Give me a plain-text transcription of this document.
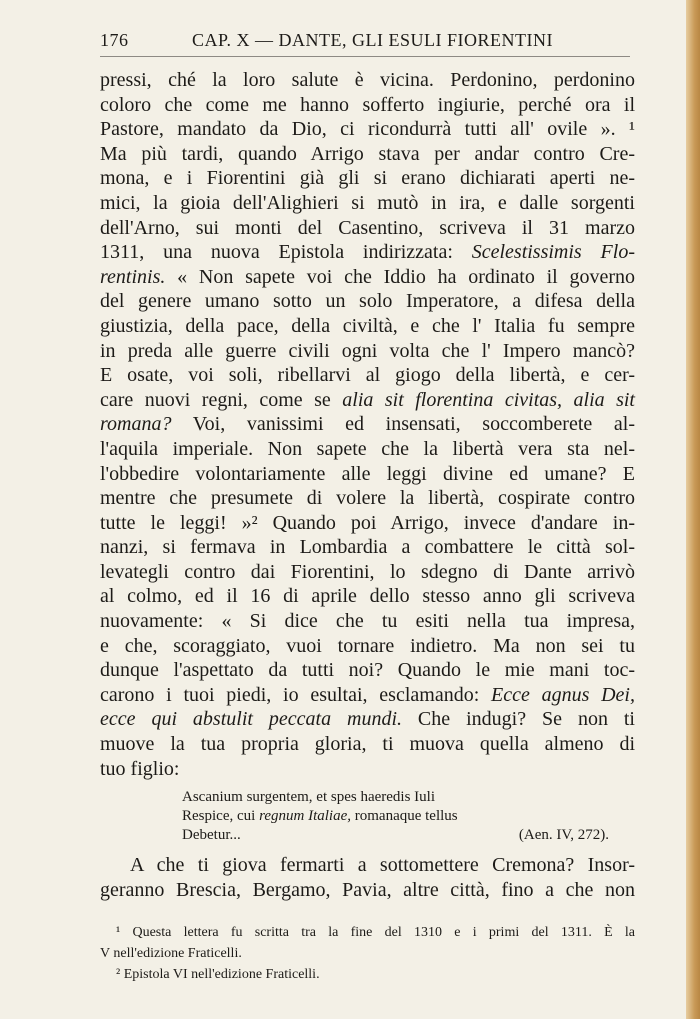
176	CAP. X — DANTE, GLI ESULI FIORENTINI
pressi, ché la loro salute è vicina. Perdonino, perdonino
coloro che come me hanno sofferto ingiurie, perché ora il
Pastore, mandato da Dio, ci ricondurrà tutti all' ovile ». ¹
Ma più tardi, quando Arrigo stava per andar contro Cre-
mona, e i Fiorentini già gli si erano dichiarati aperti ne-
mici, la gioia dell'Alighieri si mutò in ira, e dalle sorgenti
dell'Arno, sui monti del Casentino, scriveva il 31 marzo
1311, una nuova Epistola indirizzata: Scelestissimis Flo-
rentinis. « Non sapete voi che Iddio ha ordinato il governo
del genere umano sotto un solo Imperatore, a difesa della
giustizia, della pace, della civiltà, e che l' Italia fu sempre
in preda alle guerre civili ogni volta che l' Impero mancò?
E osate, voi soli, ribellarvi al giogo della libertà, e cer-
care nuovi regni, come se alia sit florentina civitas, alia sit
romana? Voi, vanissimi ed insensati, soccomberete al-
l'aquila imperiale. Non sapete che la libertà vera sta nel-
l'obbedire volontariamente alle leggi divine ed umane? E
mentre che presumete di volere la libertà, cospirate contro
tutte le leggi! »² Quando poi Arrigo, invece d'andare in-
nanzi, si fermava in Lombardia a combattere le città sol-
levategli contro dai Fiorentini, lo sdegno di Dante arrivò
al colmo, ed il 16 di aprile dello stesso anno gli scriveva
nuovamente: « Si dice che tu esiti nella tua impresa,
e che, scoraggiato, vuoi tornare indietro. Ma non sei tu
dunque l'aspettato da tutti noi? Quando le mie mani toc-
carono i tuoi piedi, io esultai, esclamando: Ecce agnus Dei,
ecce qui abstulit peccata mundi. Che indugi? Se non ti
muove la tua propria gloria, ti muova quella almeno di
tuo figlio:
Ascanium surgentem, et spes haeredis Iuli
Respice, cui regnum Italiae, romanaque tellus
Debetur...	(Aen. IV, 272).
A che ti giova fermarti a sottomettere Cremona? Insor-
geranno Brescia, Bergamo, Pavia, altre città, fino a che non
¹ Questa lettera fu scritta tra la fine del 1310 e i primi del 1311. È la
V nell'edizione Fraticelli.
² Epistola VI nell'edizione Fraticelli.
